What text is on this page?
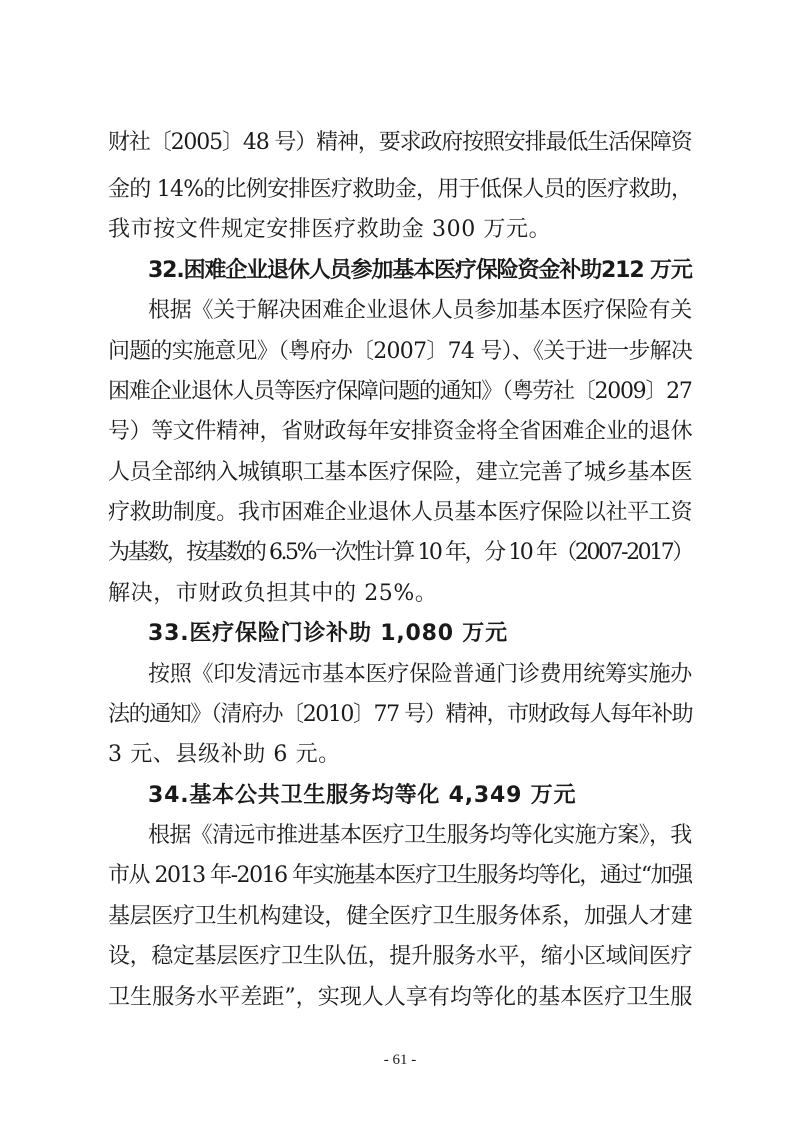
财社〔2005〕48 号）精神，要求政府按照安排最低生活保障资
金的 14%的比例安排医疗救助金，用于低保人员的医疗救助，
我市按文件规定安排医疗救助金 300 万元。
32.困难企业退休人员参加基本医疗保险资金补助212 万元
根据《关于解决困难企业退休人员参加基本医疗保险有关
问题的实施意见》（粤府办〔2007〕74 号）、《关于进一步解决
困难企业退休人员等医疗保障问题的通知》（粤劳社〔2009〕27
号）等文件精神，省财政每年安排资金将全省困难企业的退休
人员全部纳入城镇职工基本医疗保险，建立完善了城乡基本医
疗救助制度。我市困难企业退休人员基本医疗保险以社平工资
为基数，按基数的 6.5%一次性计算 10 年，分 10 年（2007-2017）
解决，市财政负担其中的 25%。
33.医疗保险门诊补助 1,080 万元
按照《印发清远市基本医疗保险普通门诊费用统筹实施办
法的通知》（清府办〔2010〕77 号）精神，市财政每人每年补助
3 元、县级补助 6 元。
34.基本公共卫生服务均等化 4,349 万元
根据《清远市推进基本医疗卫生服务均等化实施方案》，我
市从 2013 年-2016 年实施基本医疗卫生服务均等化，通过“加强
基层医疗卫生机构建设，健全医疗卫生服务体系，加强人才建
设，稳定基层医疗卫生队伍，提升服务水平，缩小区域间医疗
卫生服务水平差距”，实现人人享有均等化的基本医疗卫生服
- 61 -
